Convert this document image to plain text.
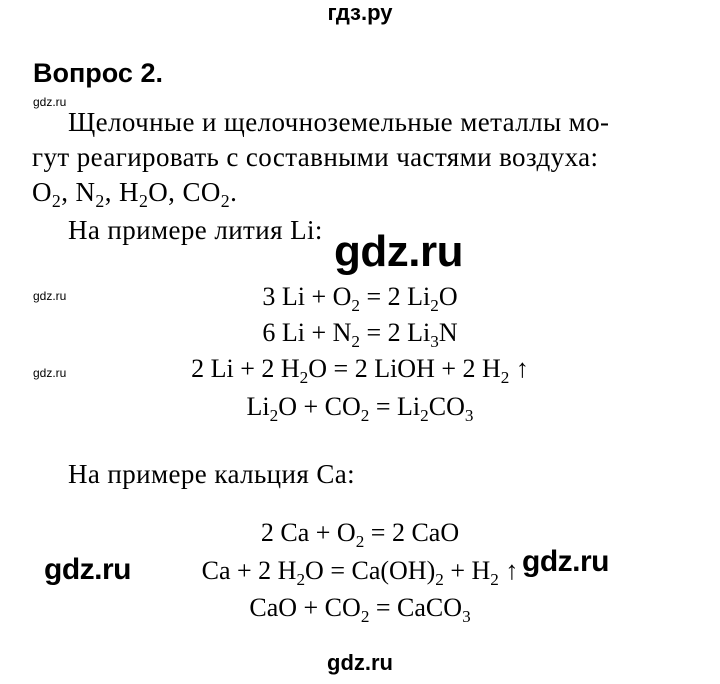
гдз.ру
Вопрос 2.
gdz.ru
gdz.ru
gdz.ru
Щелочные и щелочноземельные металлы мо-
гут реагировать с составными частями воздуха:
$O_2$, $N_2$, $H_2O$, $CO_2$.
На примере лития Li: gdz.ru
3 $Li + O_2 = 2$ $Li_2O$
6 $Li + N_2 = 2$ $Li_3N$
2 Li + 2 $H_2O = 2$ LiOH + 2 $H_2$ ↑
$Li_2O + CO_2 = Li_2CO_3$
На примере кальция Ca:
2 $Ca + O_2 = 2$ CaO
Ca + 2 $H_2O = Ca(OH)_2 + H_2$ ↑
CaO + $CO_2$ = CaCO$_3$
gdz.ru	gdz.ru
gdz.ru
